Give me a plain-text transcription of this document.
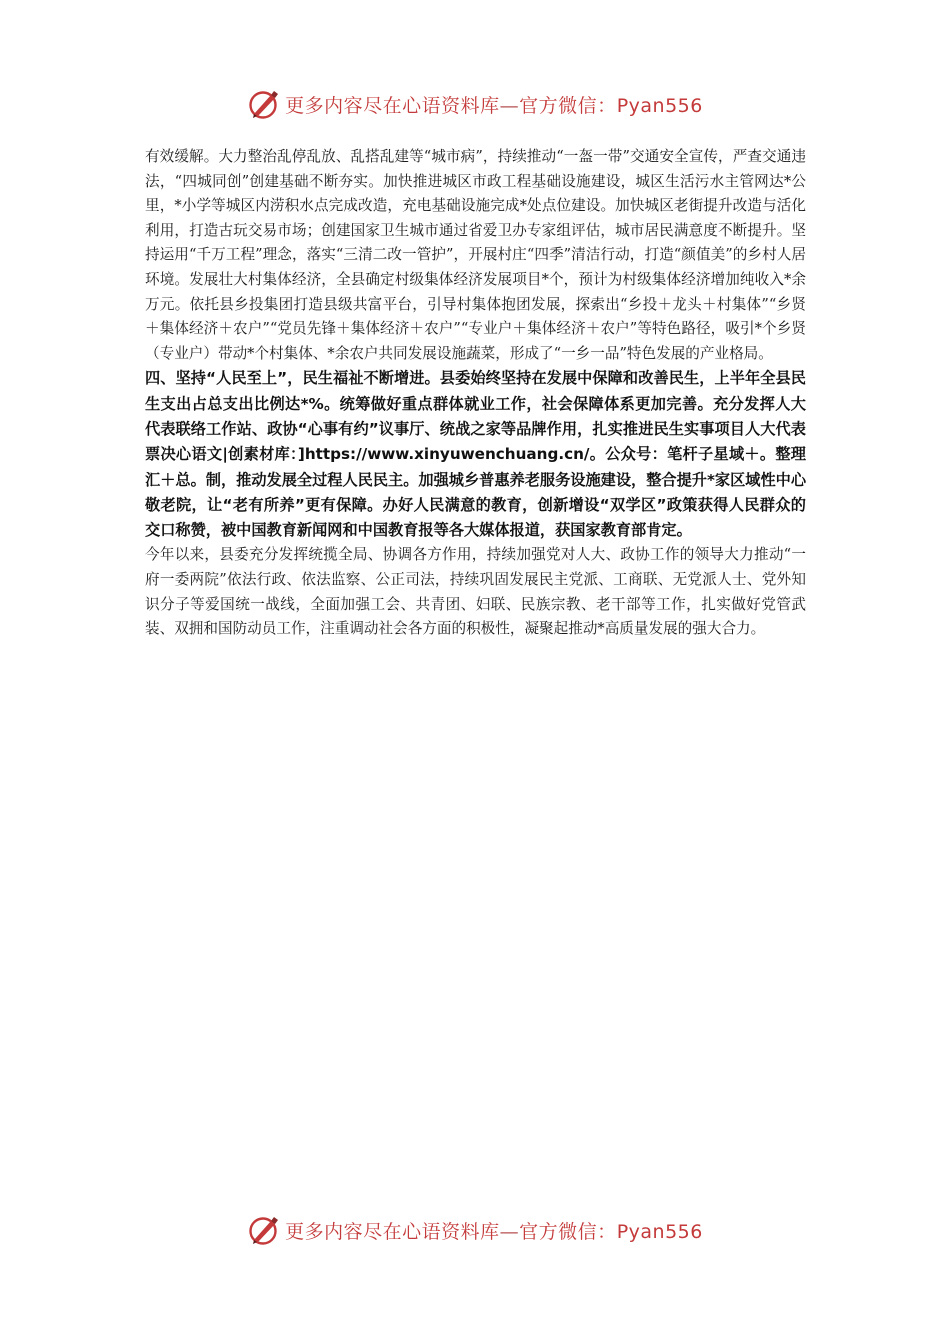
更多内容尽在心语资料库—官方微信：Pyan556

有效缓解。大力整治乱停乱放、乱搭乱建等“城市病”，持续推动“一盔一带”交通安全宣传，严查交通违法，“四城同创”创建基础不断夯实。加快推进城区市政工程基础设施建设，城区生活污水主管网达*公里，*小学等城区内涝积水点完成改造，充电基础设施完成*处点位建设。加快城区老街提升改造与活化利用，打造古玩交易市场；创建国家卫生城市通过省爱卫办专家组评估，城市居民满意度不断提升。坚持运用“千万工程”理念，落实“三清二改一管护”，开展村庄“四季”清洁行动，打造“颜值美”的乡村人居环境。发展壮大村集体经济，全县确定村级集体经济发展项目*个，预计为村级集体经济增加纯收入*余万元。依托县乡投集团打造县级共富平台，引导村集体抱团发展，探索出“乡投＋龙头＋村集体”“乡贤＋集体经济＋农户”“党员先锋＋集体经济＋农户”“专业户＋集体经济＋农户”等特色路径，吸引*个乡贤（专业户）带动*个村集体、*余农户共同发展设施蔬菜，形成了“一乡一品”特色发展的产业格局。

四、坚持“人民至上”，民生福祉不断增进。县委始终坚持在发展中保障和改善民生，上半年全县民生支出占总支出比例达*%。统筹做好重点群体就业工作，社会保障体系更加完善。充分发挥人大代表联络工作站、政协“心事有约”议事厅、统战之家等品牌作用，扎实推进民生实事项目人大代表票决心语文|创素材库：]https://www.xinyuwenchuang.cn/。公众号：笔杆子星域＋。整理汇＋总。制，推动发展全过程人民民主。加强城乡普惠养老服务设施建设，整合提升*家区域性中心敬老院，让“老有所养”更有保障。办好人民满意的教育，创新增设“双学区”政策获得人民群众的交口称赞，被中国教育新闻网和中国教育报等各大媒体报道，获国家教育部肯定。

今年以来，县委充分发挥统揽全局、协调各方作用，持续加强党对人大、政协工作的领导大力推动“一府一委两院”依法行政、依法监察、公正司法，持续巩固发展民主党派、工商联、无党派人士、党外知识分子等爱国统一战线，全面加强工会、共青团、妇联、民族宗教、老干部等工作，扎实做好党管武装、双拥和国防动员工作，注重调动社会各方面的积极性，凝聚起推动*高质量发展的强大合力。

更多内容尽在心语资料库—官方微信：Pyan556
